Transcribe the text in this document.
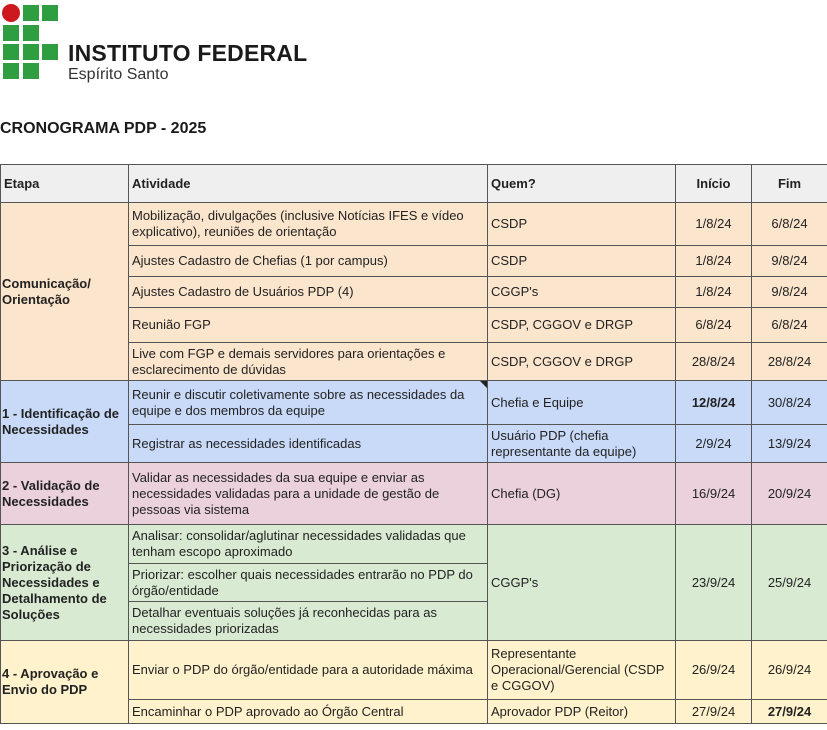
INSTITUTO FEDERAL
Espírito Santo
CRONOGRAMA PDP - 2025
Etapa	Atividade	Quem?	Início	Fim
Comunicação/ Orientação	Mobilização, divulgações (inclusive Notícias IFES e vídeo explicativo), reuniões de orientação	CSDP	1/8/24	6/8/24
	Ajustes Cadastro de Chefias (1 por campus)	CSDP	1/8/24	9/8/24
	Ajustes Cadastro de Usuários PDP (4)	CGGP's	1/8/24	9/8/24
	Reunião FGP	CSDP, CGGOV e DRGP	6/8/24	6/8/24
	Live com FGP e demais servidores para orientações e esclarecimento de dúvidas	CSDP, CGGOV e DRGP	28/8/24	28/8/24
1 - Identificação de Necessidades	Reunir e discutir coletivamente sobre as necessidades da equipe e dos membros da equipe	Chefia e Equipe	12/8/24	30/8/24
	Registrar as necessidades identificadas	Usuário PDP (chefia representante da equipe)	2/9/24	13/9/24
2 - Validação de Necessidades	Validar as necessidades da sua equipe e enviar as necessidades validadas para a unidade de gestão de pessoas via sistema	Chefia (DG)	16/9/24	20/9/24
3 - Análise e Priorização de Necessidades e Detalhamento de Soluções	Analisar: consolidar/aglutinar necessidades validadas que tenham escopo aproximado	CGGP's	23/9/24	25/9/24
	Priorizar: escolher quais necessidades entrarão no PDP do órgão/entidade			
	Detalhar eventuais soluções já reconhecidas para as necessidades priorizadas			
4 - Aprovação e Envio do PDP	Enviar o PDP do órgão/entidade para a autoridade máxima	Representante Operacional/Gerencial (CSDP e CGGOV)	26/9/24	26/9/24
	Encaminhar o PDP aprovado ao Órgão Central	Aprovador PDP (Reitor)	27/9/24	27/9/24
